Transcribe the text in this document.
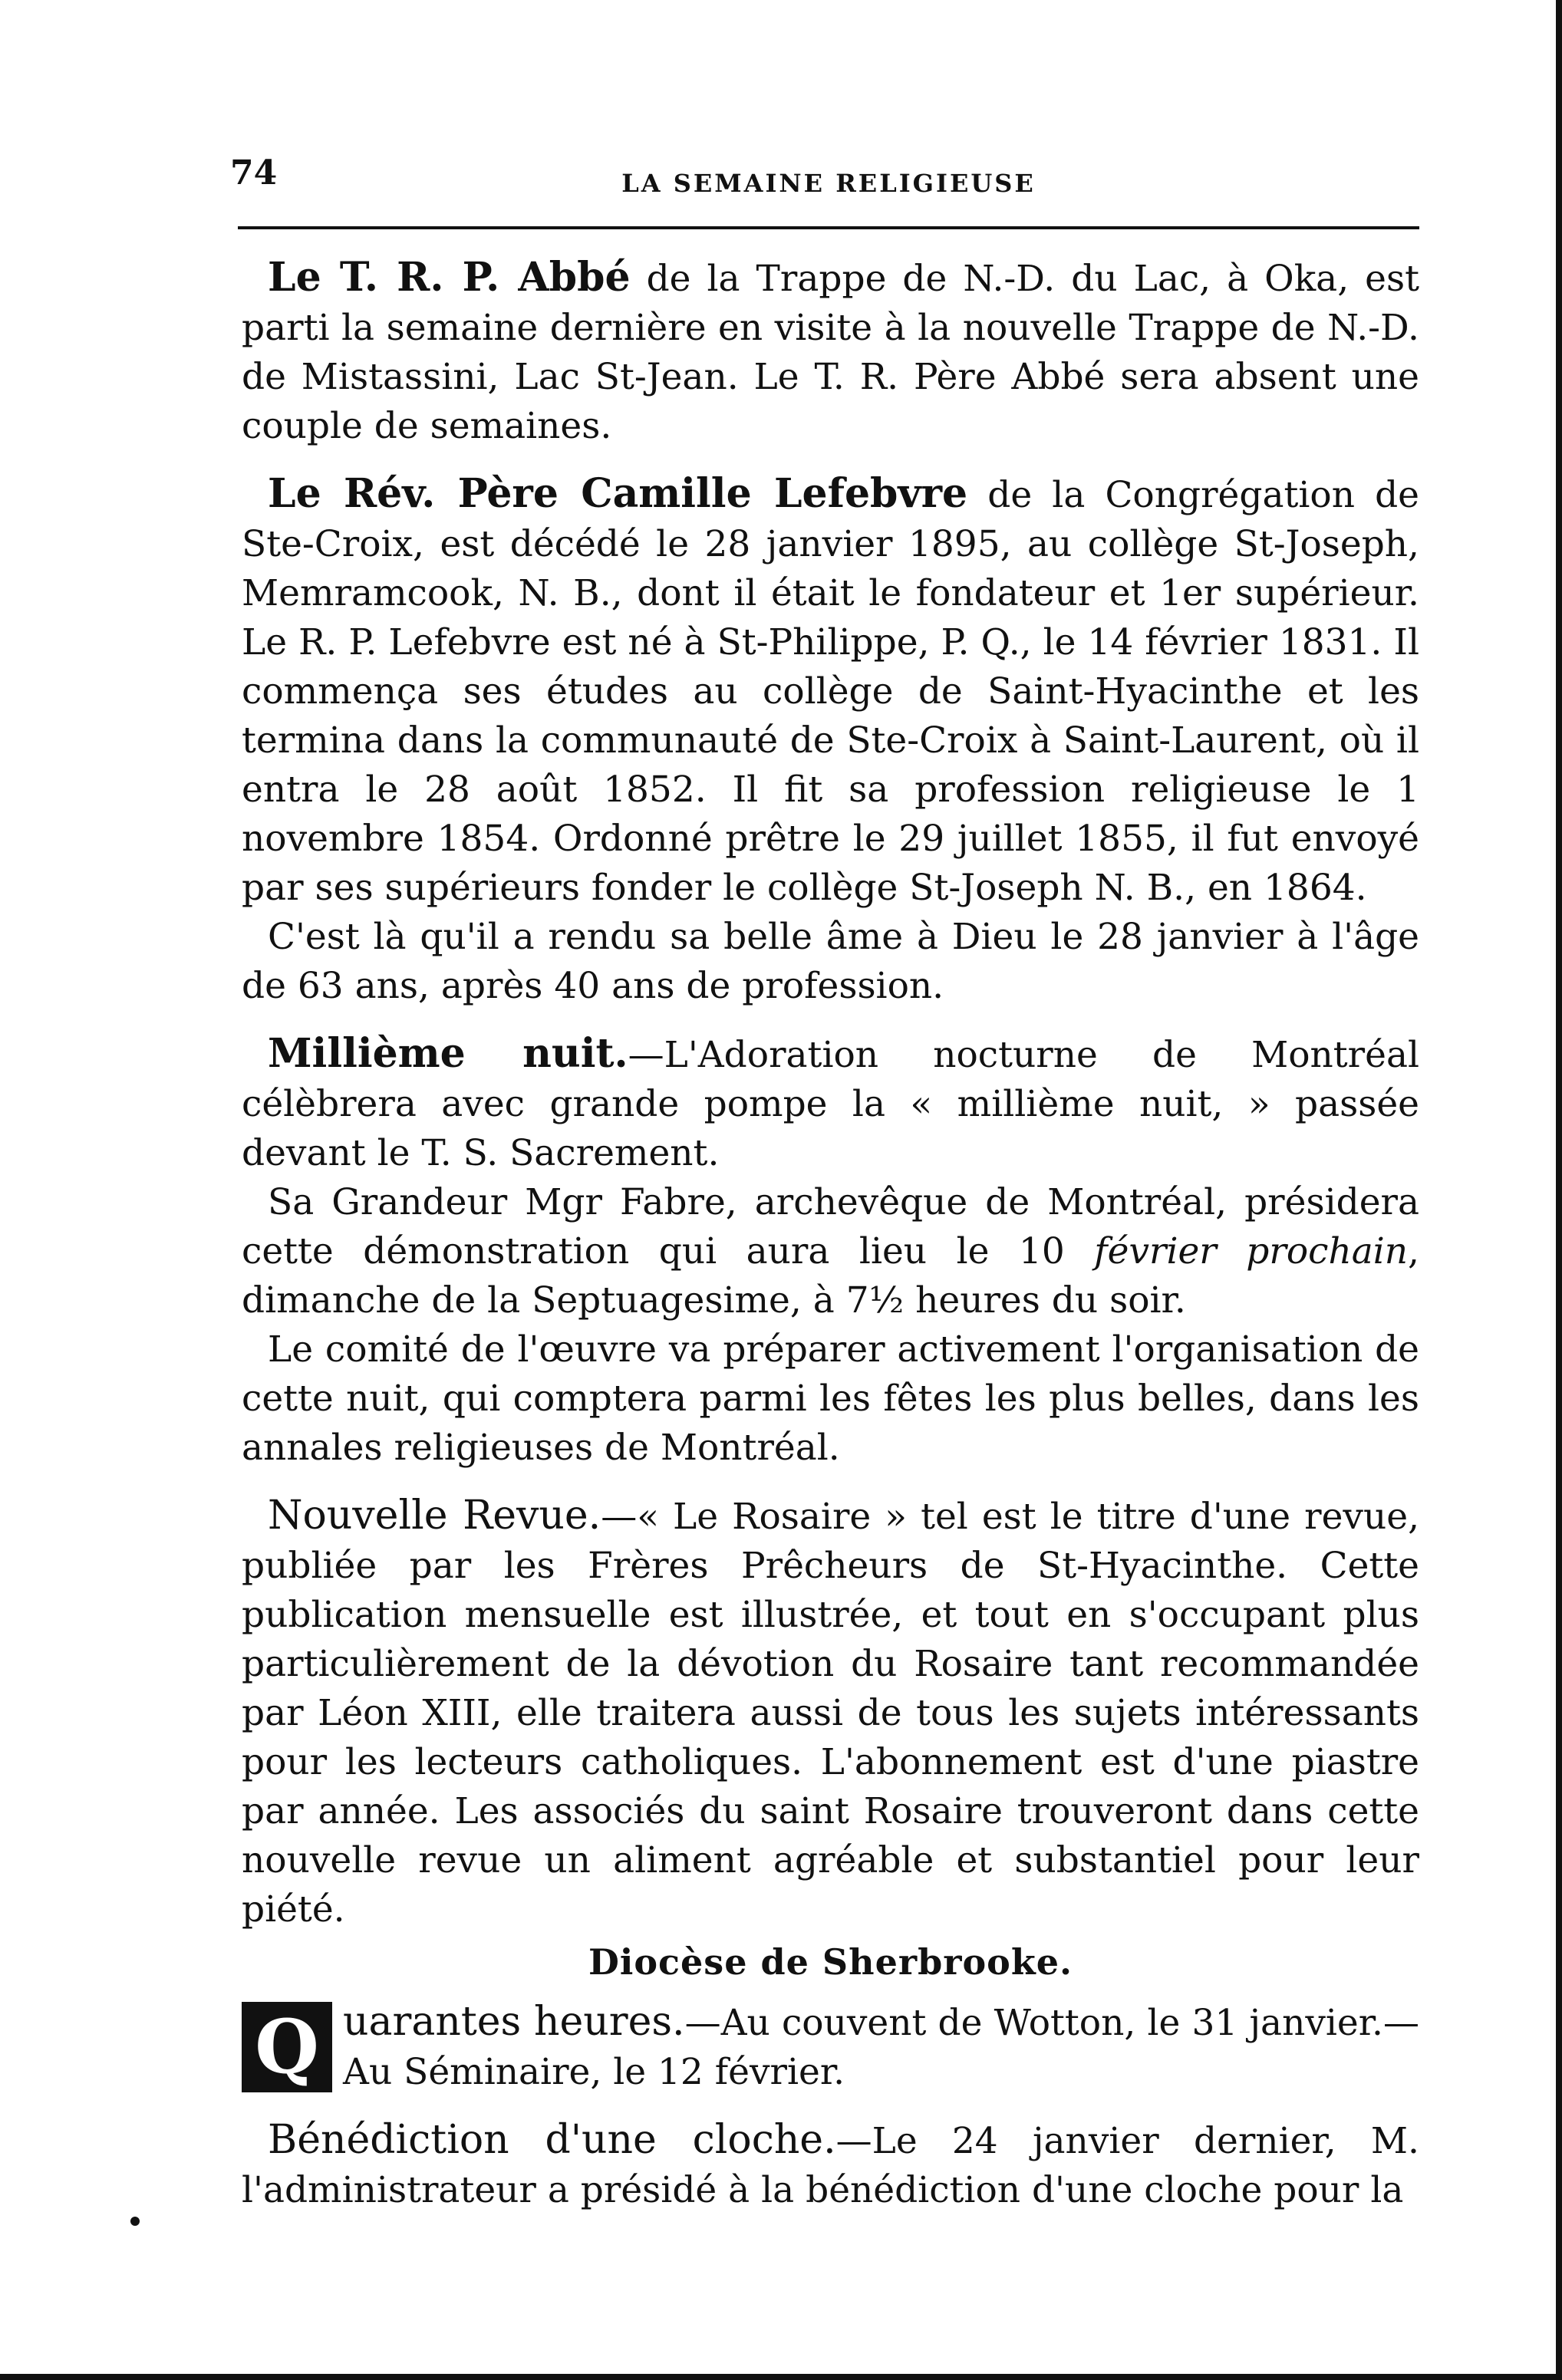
74	LA SEMAINE RELIGIEUSE

Le T. R. P. Abbé de la Trappe de N.-D. du Lac, à Oka, est parti la semaine dernière en visite à la nouvelle Trappe de N.-D. de Mistassini, Lac St-Jean. Le T. R. Père Abbé sera absent une couple de semaines.

Le Rév. Père Camille Lefebvre de la Congrégation de Ste-Croix, est décédé le 28 janvier 1895, au collège St-Joseph, Memramcook, N. B., dont il était le fondateur et 1er supérieur. Le R. P. Lefebvre est né à St-Philippe, P. Q., le 14 février 1831. Il commença ses études au collège de Saint-Hyacinthe et les termina dans la communauté de Ste-Croix à Saint-Laurent, où il entra le 28 août 1852. Il fit sa profession religieuse le 1 novembre 1854. Ordonné prêtre le 29 juillet 1855, il fut envoyé par ses supérieurs fonder le collège St-Joseph N. B., en 1864.

C'est là qu'il a rendu sa belle âme à Dieu le 28 janvier à l'âge de 63 ans, après 40 ans de profession.

Millième nuit.—L'Adoration nocturne de Montréal célèbrera avec grande pompe la « millième nuit, » passée devant le T. S. Sacrement.

Sa Grandeur Mgr Fabre, archevêque de Montréal, présidera cette démonstration qui aura lieu le 10 février prochain, dimanche de la Septuagesime, à 7½ heures du soir.

Le comité de l'œuvre va préparer activement l'organisation de cette nuit, qui comptera parmi les fêtes les plus belles, dans les annales religieuses de Montréal.

Nouvelle Revue.—« Le Rosaire » tel est le titre d'une revue, publiée par les Frères Prêcheurs de St-Hyacinthe. Cette publication mensuelle est illustrée, et tout en s'occupant plus particulièrement de la dévotion du Rosaire tant recommandée par Léon XIII, elle traitera aussi de tous les sujets intéressants pour les lecteurs catholiques. L'abonnement est d'une piastre par année. Les associés du saint Rosaire trouveront dans cette nouvelle revue un aliment agréable et substantiel pour leur piété.

Diocèse de Sherbrooke.

Q uarantes heures.—Au couvent de Wotton, le 31 janvier.—Au Séminaire, le 12 février.

Bénédiction d'une cloche.—Le 24 janvier dernier, M. l'administrateur a présidé à la bénédiction d'une cloche pour la
